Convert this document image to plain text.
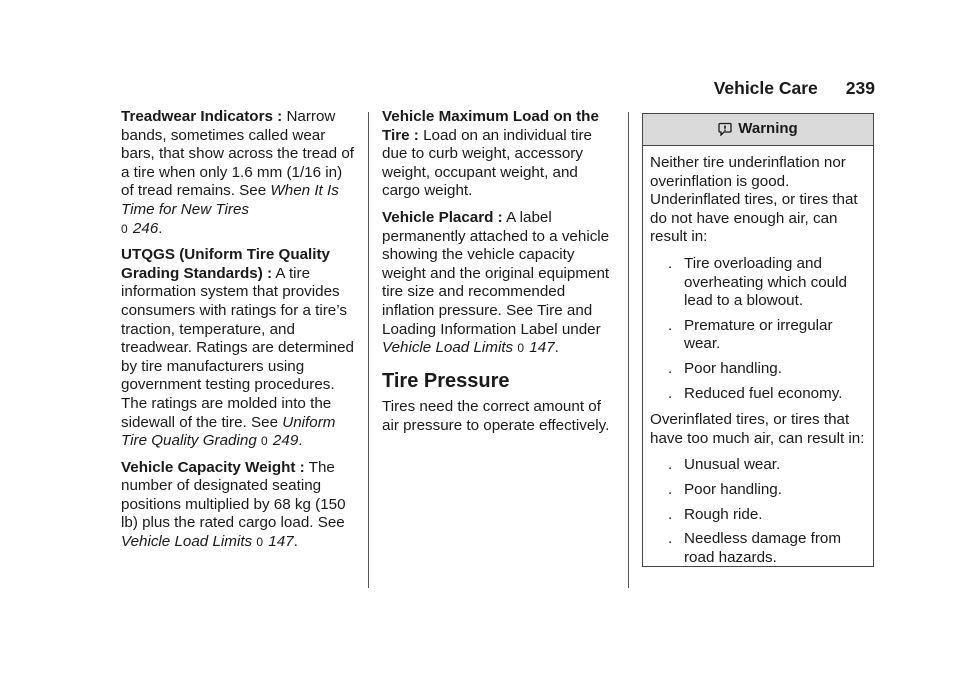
Vehicle Care 239

Treadwear Indicators : Narrow bands, sometimes called wear bars, that show across the tread of a tire when only 1.6 mm (1/16 in) of tread remains. See When It Is Time for New Tires
0 246.

UTQGS (Uniform Tire Quality Grading Standards) : A tire information system that provides consumers with ratings for a tire’s traction, temperature, and treadwear. Ratings are determined by tire manufacturers using government testing procedures. The ratings are molded into the sidewall of the tire. See Uniform Tire Quality Grading 0 249.

Vehicle Capacity Weight : The number of designated seating positions multiplied by 68 kg (150 lb) plus the rated cargo load. See Vehicle Load Limits 0 147.

Vehicle Maximum Load on the Tire : Load on an individual tire due to curb weight, accessory weight, occupant weight, and cargo weight.

Vehicle Placard : A label permanently attached to a vehicle showing the vehicle capacity weight and the original equipment tire size and recommended inflation pressure. See Tire and Loading Information Label under Vehicle Load Limits 0 147.

Tire Pressure

Tires need the correct amount of air pressure to operate effectively.

Warning

Neither tire underinflation nor overinflation is good. Underinflated tires, or tires that do not have enough air, can result in:

. Tire overloading and overheating which could lead to a blowout.
. Premature or irregular wear.
. Poor handling.
. Reduced fuel economy.

Overinflated tires, or tires that have too much air, can result in:

. Unusual wear.
. Poor handling.
. Rough ride.
. Needless damage from road hazards.
